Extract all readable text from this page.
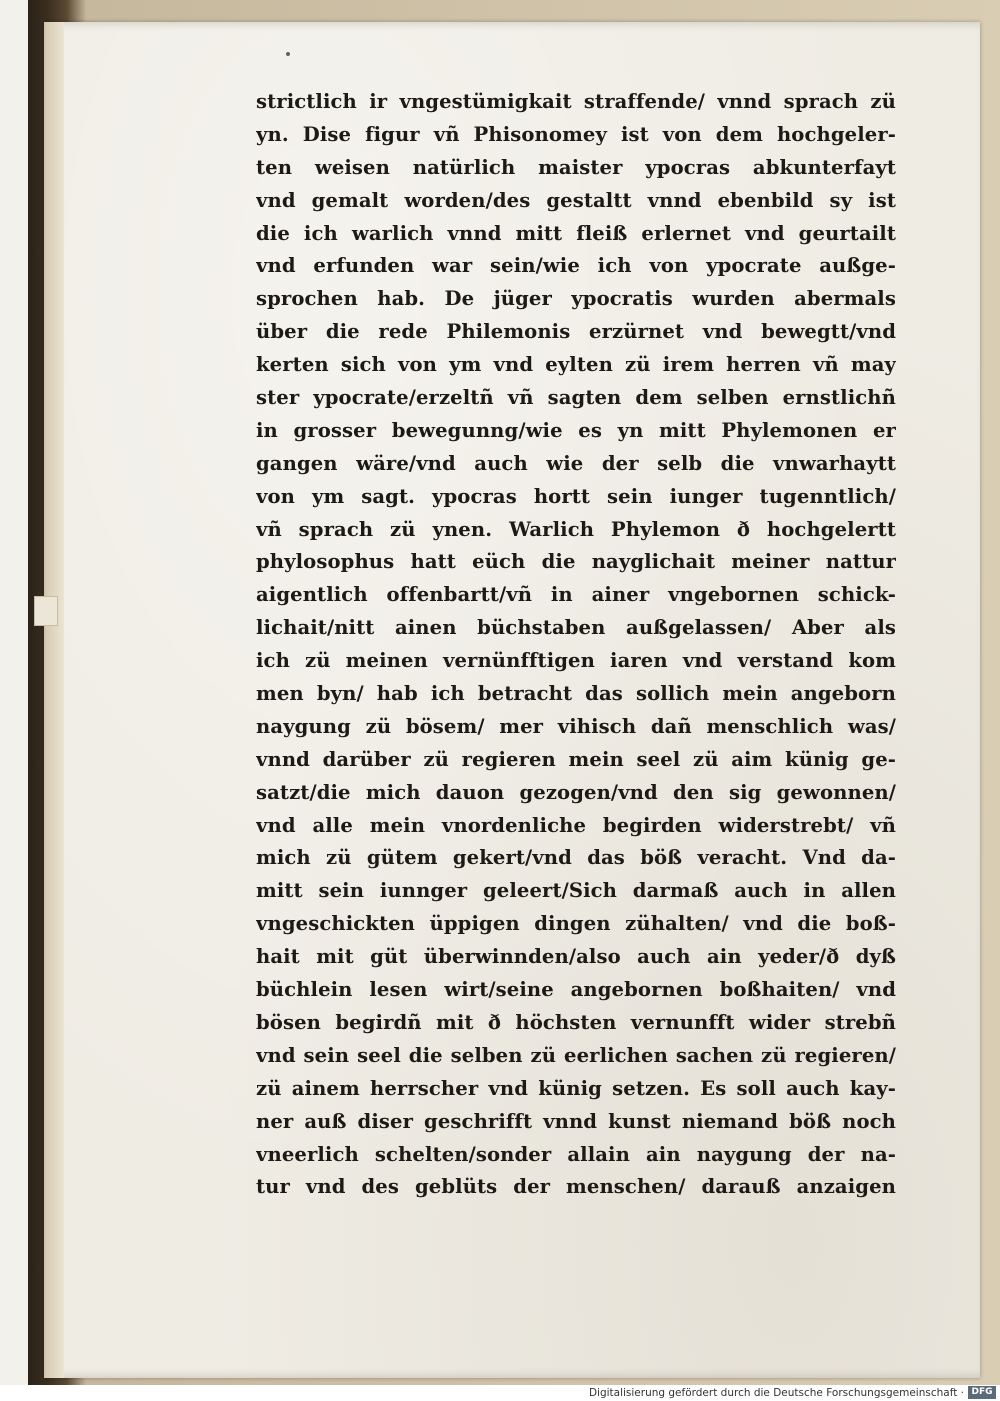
strictlich ir vngestümigkait straffende/ vnnd sprach zü
yn. Dise figur vñ Phisonomey ist von dem hochgeler-
ten weisen natürlich maister ypocras abkunterfayt
vnd gemalt worden/des gestaltt vnnd ebenbild sy ist
die ich warlich vnnd mitt fleiß erlernet vnd geurtailt
vnd erfunden war sein/wie ich von ypocrate außge-
sprochen hab. De jüger ypocratis wurden abermals
über die rede Philemonis erzürnet vnd bewegtt/vnd
kerten sich von ym vnd eylten zü irem herren vñ may
ster ypocrate/erzeltñ vñ sagten dem selben ernstlichñ
in grosser bewegunng/wie es yn mitt Phylemonen er
gangen wäre/vnd auch wie der selb die vnwarhaytt
von ym sagt. ypocras hortt sein iunger tugenntlich/
vñ sprach zü ynen. Warlich Phylemon ð hochgelertt
phylosophus hatt eüch die nayglichait meiner nattur
aigentlich offenbartt/vñ in ainer vngebornen schick-
lichait/nitt ainen büchstaben außgelassen/ Aber als
ich zü meinen vernünfftigen iaren vnd verstand kom
men byn/ hab ich betracht das sollich mein angeborn
naygung zü bösem/ mer vihisch dañ menschlich was/
vnnd darüber zü regieren mein seel zü aim künig ge-
satzt/die mich dauon gezogen/vnd den sig gewonnen/
vnd alle mein vnordenliche begirden widerstrebt/ vñ
mich zü gütem gekert/vnd das böß veracht. Vnd da-
mitt sein iunnger geleert/Sich darmaß auch in allen
vngeschickten üppigen dingen zühalten/ vnd die boß-
hait mit güt überwinnden/also auch ain yeder/ð dyß
büchlein lesen wirt/seine angebornen boßhaiten/ vnd
bösen begirdñ mit ð höchsten vernunfft wider strebñ
vnd sein seel die selben zü eerlichen sachen zü regieren/
zü ainem herrscher vnd künig setzen. Es soll auch kay-
ner auß diser geschrifft vnnd kunst niemand böß noch
vneerlich schelten/sonder allain ain naygung der na-
tur vnd des geblüts der menschen/ darauß anzaigen
Digitalisierung gefördert durch die Deutsche Forschungsgemeinschaft · DFG
